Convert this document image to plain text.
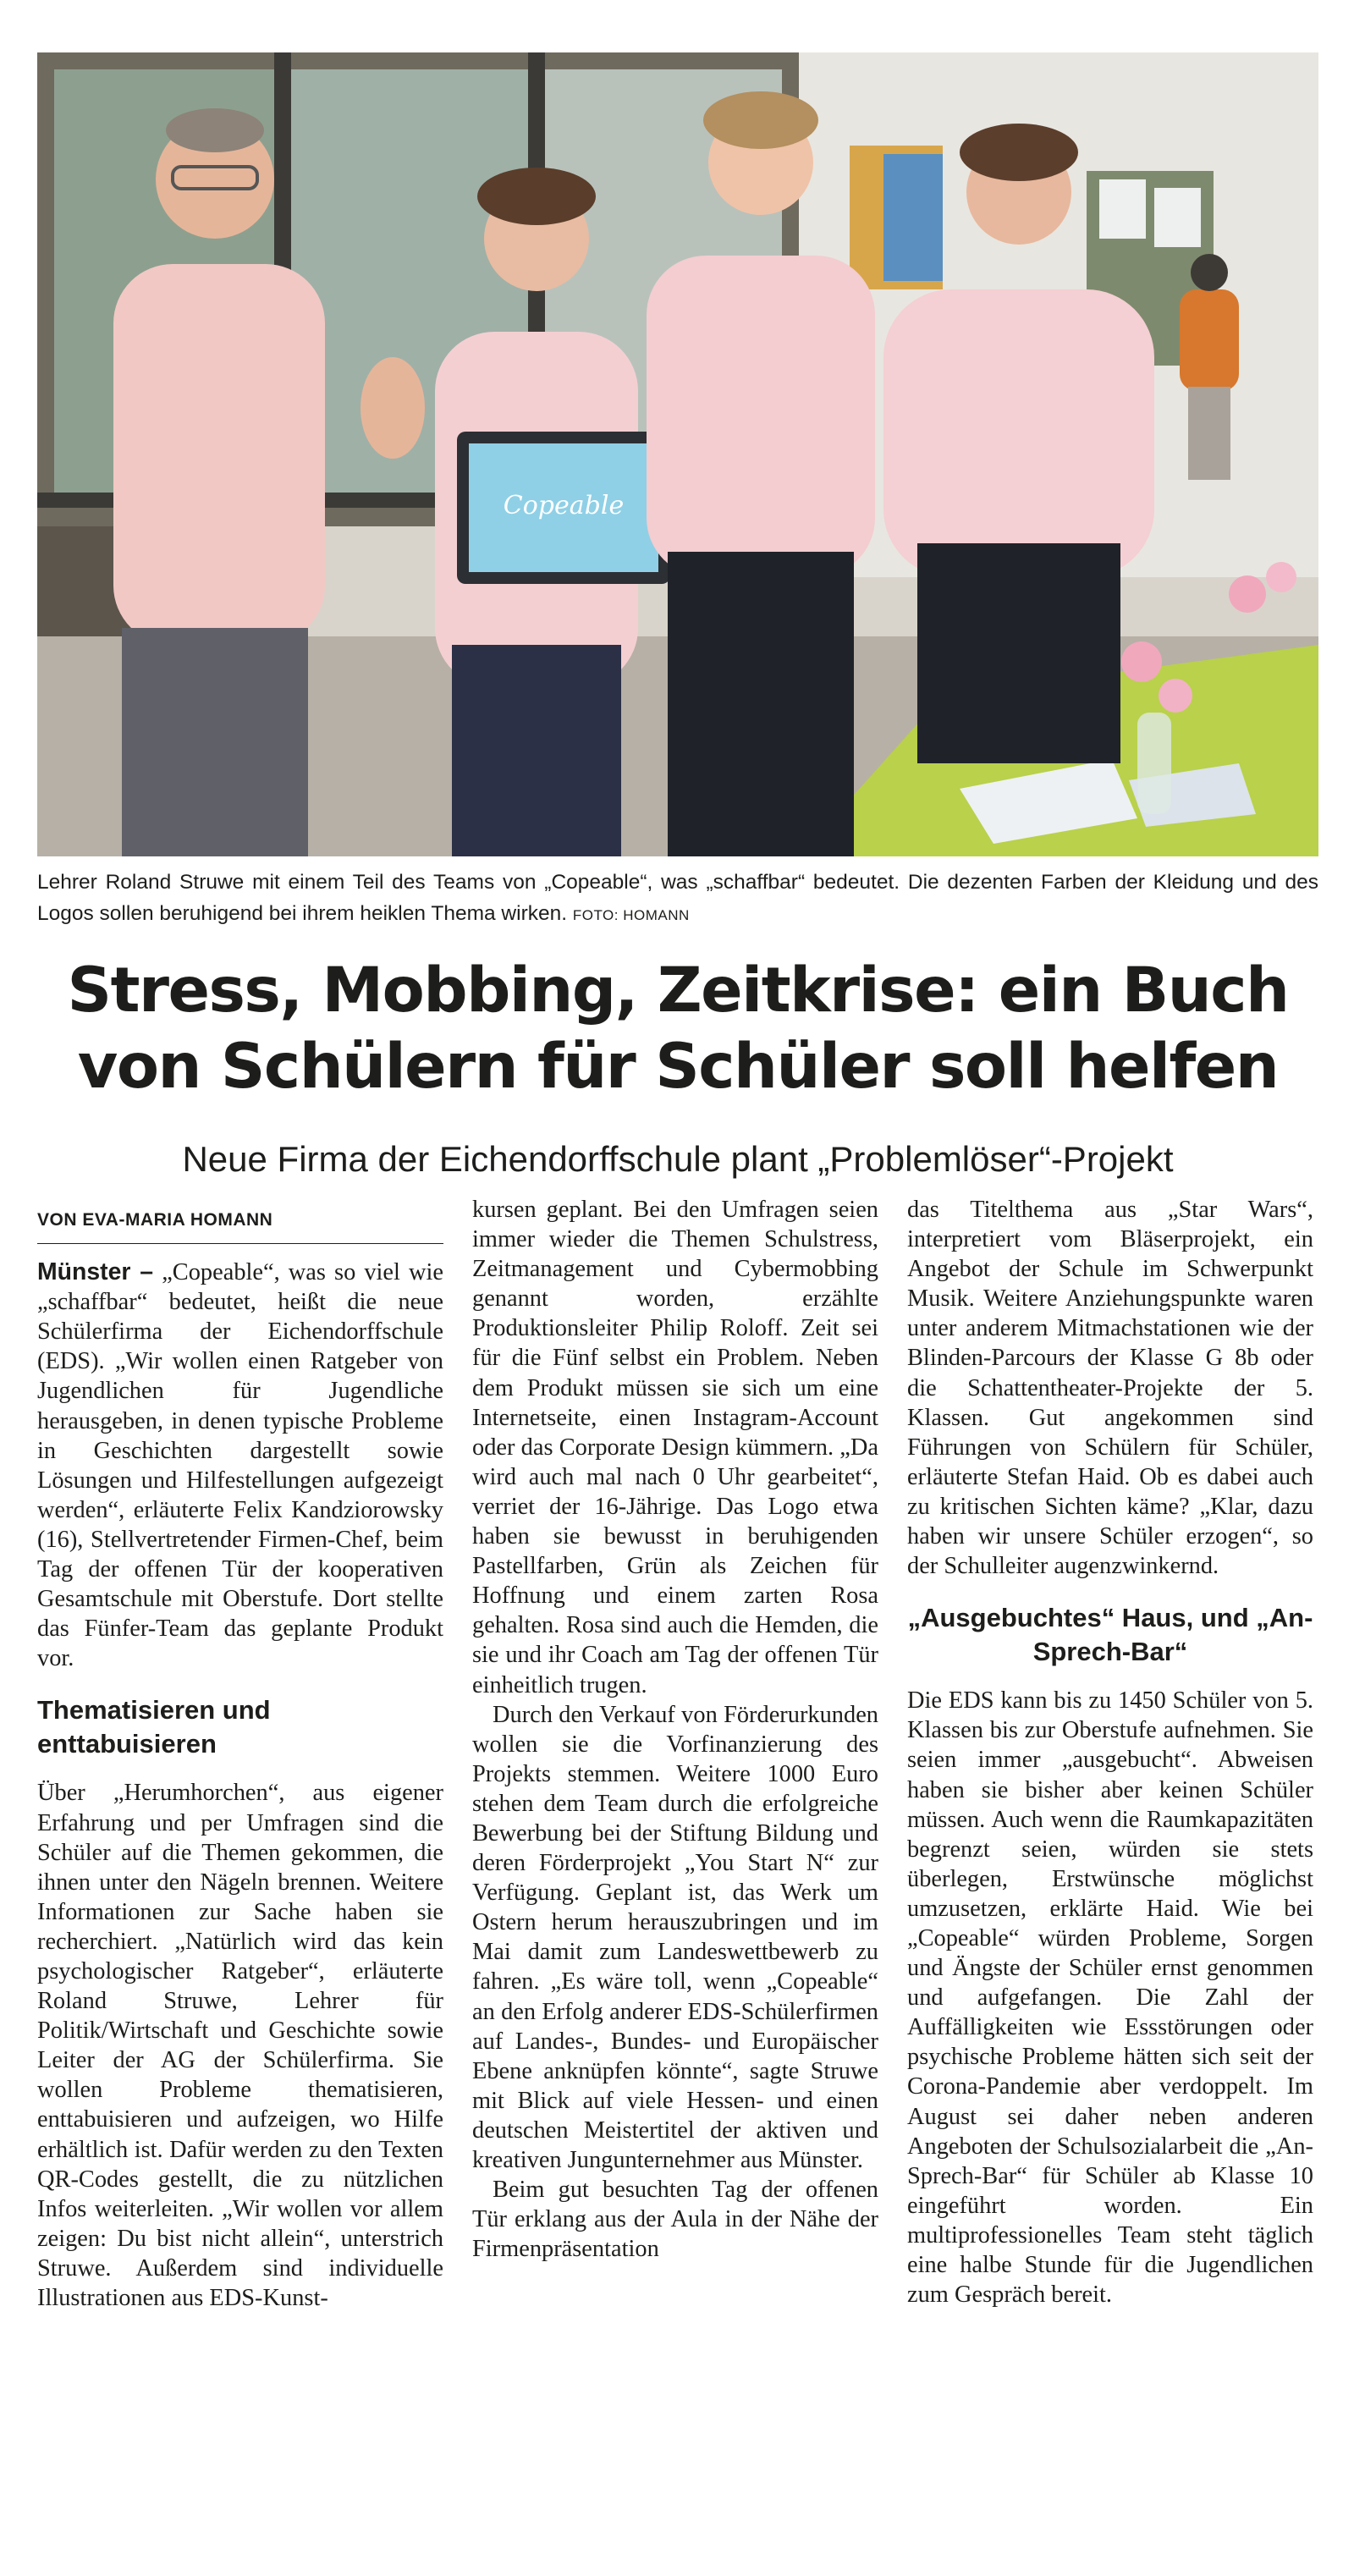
Copeable
Lehrer Roland Struwe mit einem Teil des Teams von „Copeable“, was „schaffbar“ bedeutet. Die dezenten Farben der Kleidung und des Logos sollen beruhigend bei ihrem heiklen Thema wirken. FOTO: HOMANN
Stress, Mobbing, Zeitkrise: ein Buch
von Schülern für Schüler soll helfen
Neue Firma der Eichendorffschule plant „Problemlöser“-Projekt
VON EVA-MARIA HOMANN

Münster – „Copeable“, was so viel wie „schaffbar“ bedeutet, heißt die neue Schülerfirma der Eichendorffschule (EDS). „Wir wollen einen Ratgeber von Jugendlichen für Jugendliche herausgeben, in denen typische Probleme in Geschichten dargestellt sowie Lösungen und Hilfestellungen aufgezeigt werden“, erläuterte Felix Kandziorowsky (16), Stellvertretender Firmen-Chef, beim Tag der offenen Tür der kooperativen Gesamtschule mit Oberstufe. Dort stellte das Fünfer-Team das geplante Produkt vor.

Thematisieren und enttabuisieren

Über „Herumhorchen“, aus eigener Erfahrung und per Umfragen sind die Schüler auf die Themen gekommen, die ihnen unter den Nägeln brennen. Weitere Informationen zur Sache haben sie recherchiert. „Natürlich wird das kein psychologischer Ratgeber“, erläuterte Roland Struwe, Lehrer für Politik/Wirtschaft und Geschichte sowie Leiter der AG der Schülerfirma. Sie wollen Probleme thematisieren, enttabuisieren und aufzeigen, wo Hilfe erhältlich ist. Dafür werden zu den Texten QR-Codes gestellt, die zu nützlichen Infos weiterleiten. „Wir wollen vor allem zeigen: Du bist nicht allein“, unterstrich Struwe. Außerdem sind individuelle Illustrationen aus EDS-Kunst-

kursen geplant. Bei den Umfragen seien immer wieder die Themen Schulstress, Zeitmanagement und Cybermobbing genannt worden, erzählte Produktionsleiter Philip Roloff. Zeit sei für die Fünf selbst ein Problem. Neben dem Produkt müssen sie sich um eine Internetseite, einen Instagram-Account oder das Corporate Design kümmern. „Da wird auch mal nach 0 Uhr gearbeitet“, verriet der 16-Jährige. Das Logo etwa haben sie bewusst in beruhigenden Pastellfarben, Grün als Zeichen für Hoffnung und einem zarten Rosa gehalten. Rosa sind auch die Hemden, die sie und ihr Coach am Tag der offenen Tür einheitlich trugen.

Durch den Verkauf von Förderurkunden wollen sie die Vorfinanzierung des Projekts stemmen. Weitere 1000 Euro stehen dem Team durch die erfolgreiche Bewerbung bei der Stiftung Bildung und deren Förderprojekt „You Start N“ zur Verfügung. Geplant ist, das Werk um Ostern herum herauszubringen und im Mai damit zum Landeswettbewerb zu fahren. „Es wäre toll, wenn „Copeable“ an den Erfolg anderer EDS-Schülerfirmen auf Landes-, Bundes- und Europäischer Ebene anknüpfen könnte“, sagte Struwe mit Blick auf viele Hessen- und einen deutschen Meistertitel der aktiven und kreativen Jungunternehmer aus Münster.

Beim gut besuchten Tag der offenen Tür erklang aus der Aula in der Nähe der Firmenpräsentation

das Titelthema aus „Star Wars“, interpretiert vom Bläserprojekt, ein Angebot der Schule im Schwerpunkt Musik. Weitere Anziehungspunkte waren unter anderem Mitmachstationen wie der Blinden-Parcours der Klasse G 8b oder die Schattentheater-Projekte der 5. Klassen. Gut angekommen sind Führungen von Schülern für Schüler, erläuterte Stefan Haid. Ob es dabei auch zu kritischen Sichten käme? „Klar, dazu haben wir unsere Schüler erzogen“, so der Schulleiter augenzwinkernd.

„Ausgebuchtes“ Haus, und „An-Sprech-Bar“

Die EDS kann bis zu 1450 Schüler von 5. Klassen bis zur Oberstufe aufnehmen. Sie seien immer „ausgebucht“. Abweisen haben sie bisher aber keinen Schüler müssen. Auch wenn die Raumkapazitäten begrenzt seien, würden sie stets überlegen, Erstwünsche möglichst umzusetzen, erklärte Haid. Wie bei „Copeable“ würden Probleme, Sorgen und Ängste der Schüler ernst genommen und aufgefangen. Die Zahl der Auffälligkeiten wie Essstörungen oder psychische Probleme hätten sich seit der Corona-Pandemie aber verdoppelt. Im August sei daher neben anderen Angeboten der Schulsozialarbeit die „An-Sprech-Bar“ für Schüler ab Klasse 10 eingeführt worden. Ein multiprofessionelles Team steht täglich eine halbe Stunde für die Jugendlichen zum Gespräch bereit.
